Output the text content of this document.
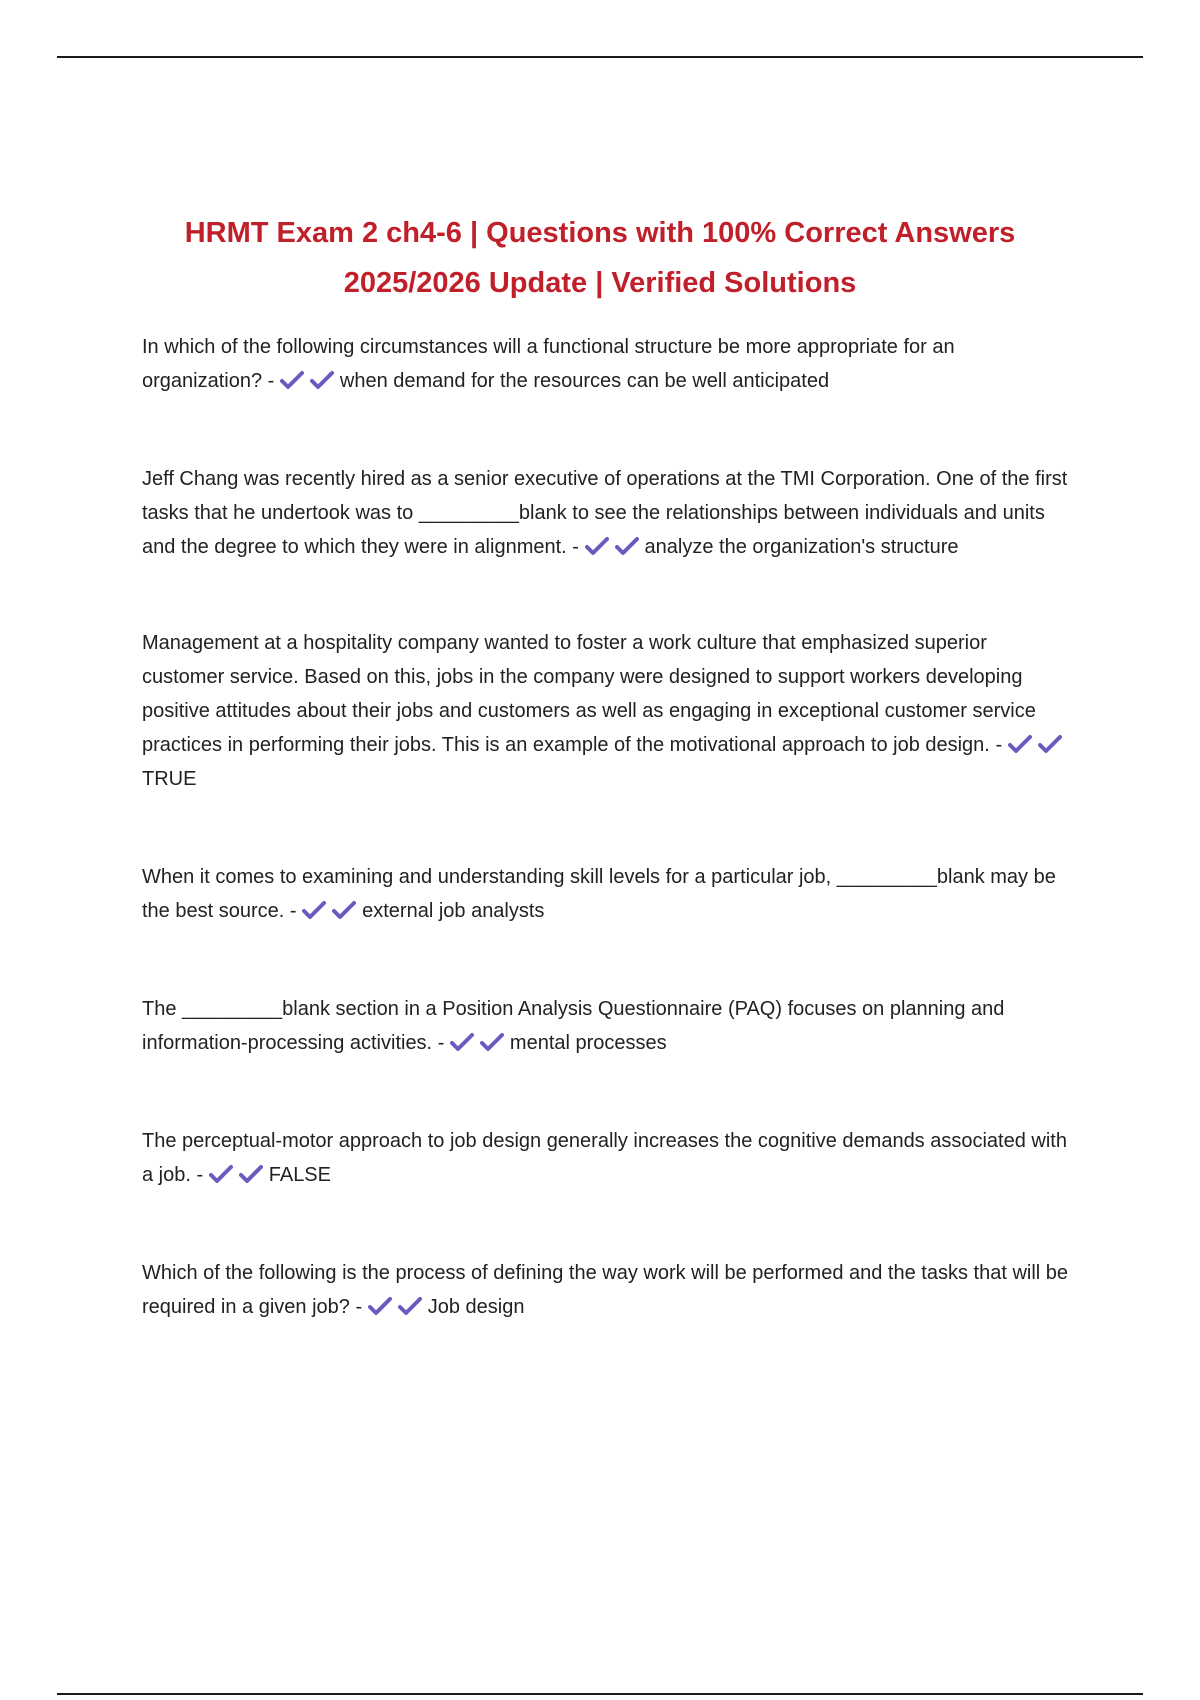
HRMT Exam 2 ch4-6 | Questions with 100% Correct Answers
2025/2026 Update | Verified Solutions

In which of the following circumstances will a functional structure be more appropriate for an organization? -	when demand for the resources can be well anticipated

Jeff Chang was recently hired as a senior executive of operations at the TMI Corporation. One of the first tasks that he undertook was to _________blank to see the relationships between individuals and units and the degree to which they were in alignment. -	analyze the organization's structure

Management at a hospitality company wanted to foster a work culture that emphasized superior customer service. Based on this, jobs in the company were designed to support workers developing positive attitudes about their jobs and customers as well as engaging in exceptional customer service practices in performing their jobs. This is an example of the motivational approach to job design. -
TRUE

When it comes to examining and understanding skill levels for a particular job, _________blank may be the best source. -	external job analysts

The _________blank section in a Position Analysis Questionnaire (PAQ) focuses on planning and information-processing activities. -	mental processes

The perceptual-motor approach to job design generally increases the cognitive demands associated with a job. -	FALSE

Which of the following is the process of defining the way work will be performed and the tasks that will be required in a given job? -	Job design
